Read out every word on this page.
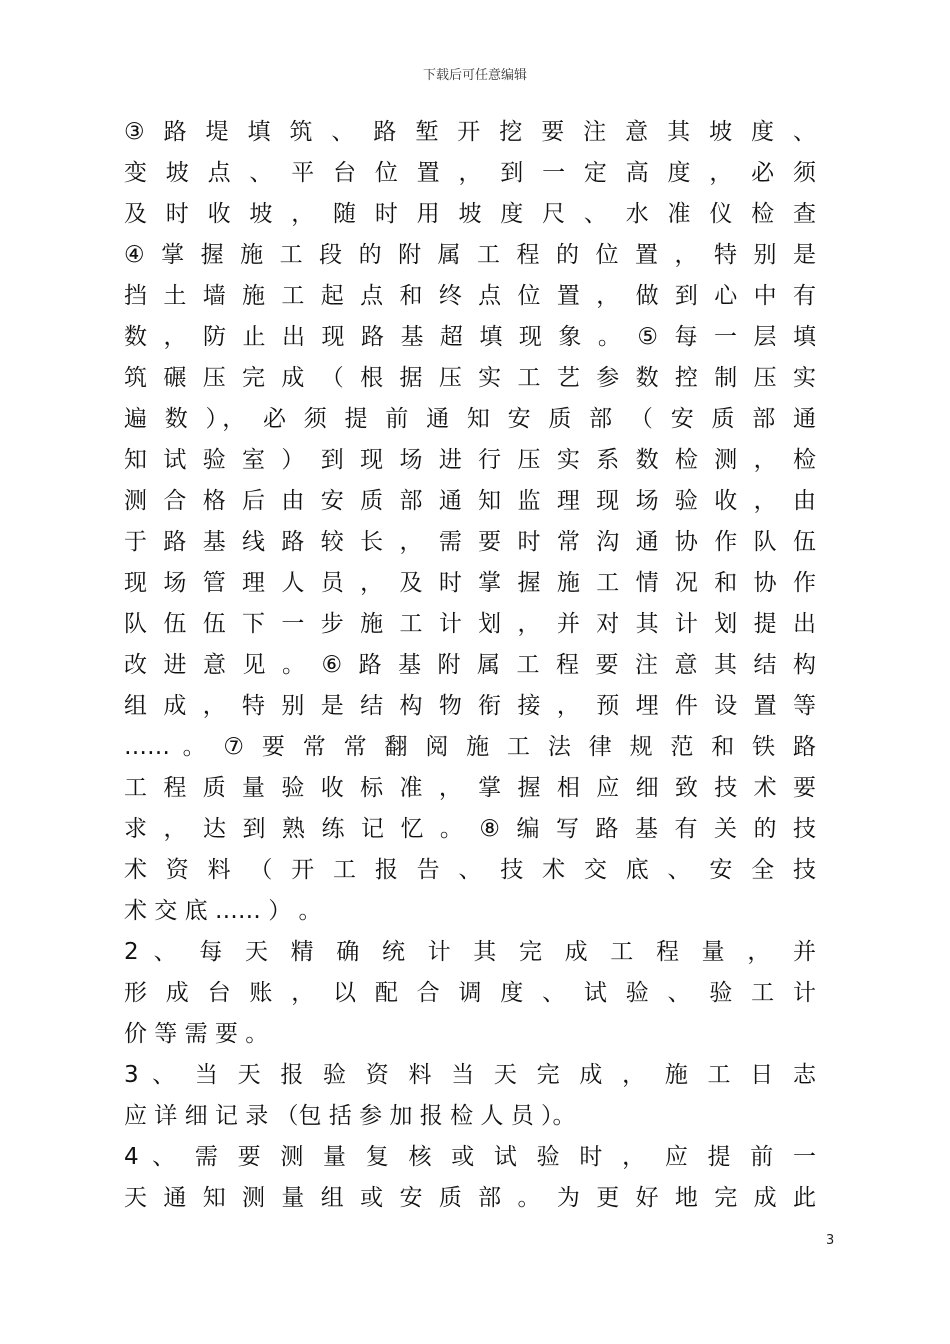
下载后可任意编辑
③ 路 堤 填 筑 、 路 堑 开 挖 要 注 意 其 坡 度 、
变 坡 点 、 平 台 位 置 ， 到 一 定 高 度 ， 必 须
及 时 收 坡 ， 随 时 用 坡 度 尺 、 水 准 仪 检 查
④ 掌 握 施 工 段 的 附 属 工 程 的 位 置 ， 特 别 是
挡 土 墙 施 工 起 点 和 终 点 位 置 ， 做 到 心 中 有
数 ， 防 止 出 现 路 基 超 填 现 象 。 ⑤ 每 一 层 填
筑 碾 压 完 成 （ 根 据 压 实 工 艺 参 数 控 制 压 实
遍 数 ）， 必 须 提 前 通 知 安 质 部 （ 安 质 部 通
知 试 验 室 ） 到 现 场 进 行 压 实 系 数 检 测 ， 检
测 合 格 后 由 安 质 部 通 知 监 理 现 场 验 收 ， 由
于 路 基 线 路 较 长 ， 需 要 时 常 沟 通 协 作 队 伍
现 场 管 理 人 员 ， 及 时 掌 握 施 工 情 况 和 协 作
队 伍 伍 下 一 步 施 工 计 划 ， 并 对 其 计 划 提 出
改 进 意 见 。 ⑥ 路 基 附 属 工 程 要 注 意 其 结 构
组 成 ， 特 别 是 结 构 物 衔 接 ， 预 埋 件 设 置 等
…… 。 ⑦ 要 常 常 翻 阅 施 工 法 律 规 范 和 铁 路
工 程 质 量 验 收 标 准 ， 掌 握 相 应 细 致 技 术 要
求 ， 达 到 熟 练 记 忆 。 ⑧ 编 写 路 基 有 关 的 技
术 资 料 （ 开 工 报 告 、 技 术 交 底 、 安 全 技
术 交 底 …… ） 。
2 、 每 天 精 确 统 计 其 完 成 工 程 量 ， 并
形 成 台 账 ， 以 配 合 调 度 、 试 验 、 验 工 计
价 等 需 要 。
3 、 当 天 报 验 资 料 当 天 完 成 ， 施 工 日 志
应 详 细 记 录 （包 括 参 加 报 检 人 员 ）。
4 、 需 要 测 量 复 核 或 试 验 时 ， 应 提 前 一
天 通 知 测 量 组 或 安 质 部 。 为 更 好 地 完 成 此
3
